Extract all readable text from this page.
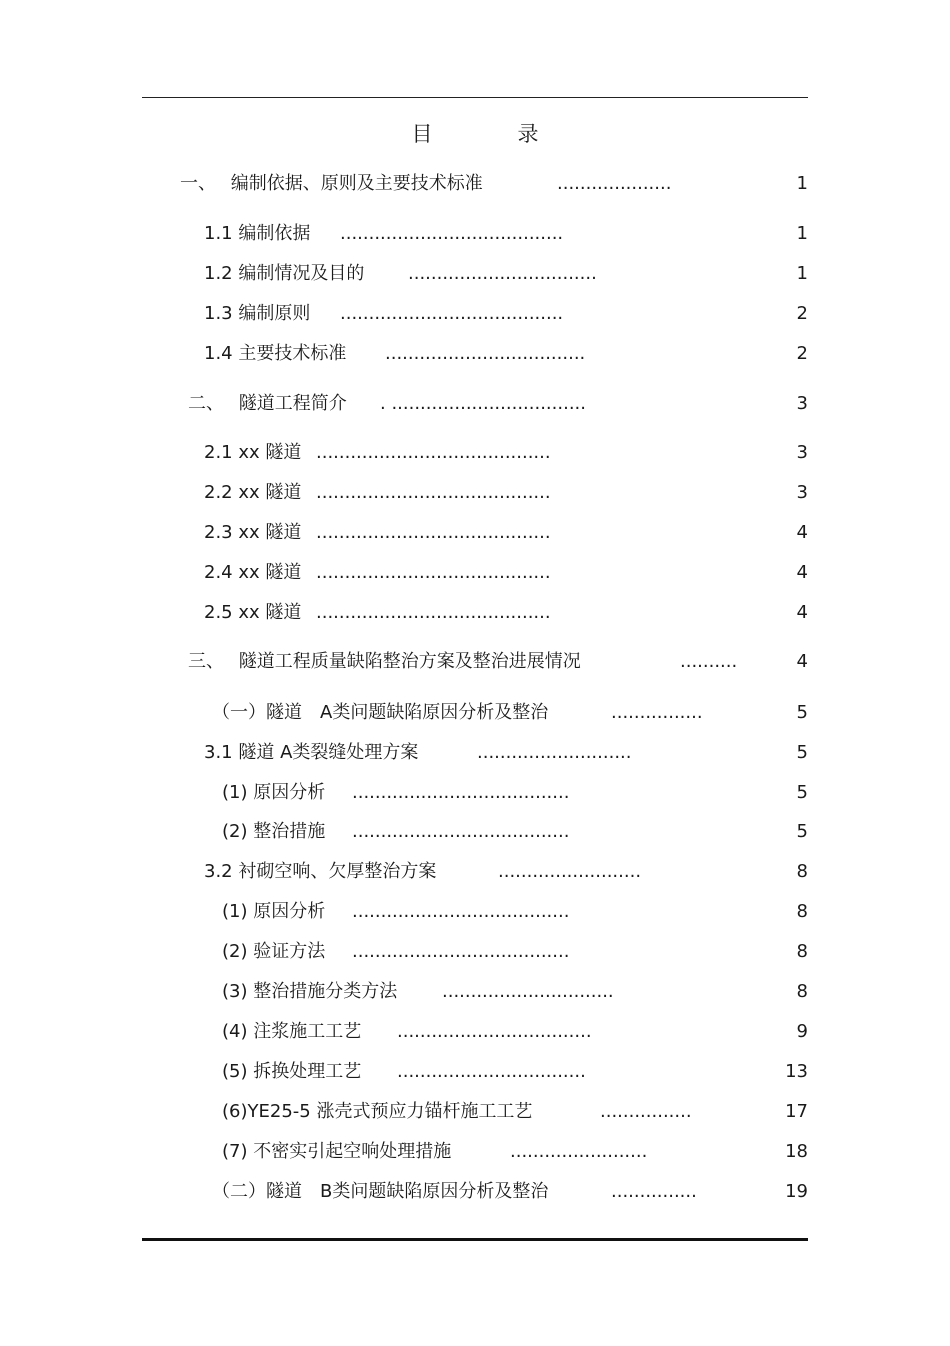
目　录
一、　 编制依据、原则及主要技术标准	....................	1
1.1 编制依据 .......................................	1
1.2 编制情况及目的 .................................	1
1.3 编制原则 .......................................	2
1.4 主要技术标准 ...................................	2
二、　 隧道工程简介 . ..................................	3
2.1 xx 隧道 .........................................	3
2.2 xx 隧道 .........................................	3
2.3 xx 隧道 .........................................	4
2.4 xx 隧道 .........................................	4
2.5 xx 隧道 .........................................	4
三、　 隧道工程质量缺陷整治方案及整治进展情况	..........	4
（一）隧道　A类问题缺陷原因分析及整治	................	5
3.1 隧道 A类裂缝处理方案	...........................	5
(1) 原因分析 ......................................	5
(2) 整治措施 ......................................	5
3.2 衬砌空响、欠厚整治方案	.........................	8
(1) 原因分析 ......................................	8
(2) 验证方法 ......................................	8
(3) 整治措施分类方法 ..............................	8
(4) 注浆施工工艺 ..................................	9
(5) 拆换处理工艺 .................................	13
(6)YE25-5 涨壳式预应力锚杆施工工艺	................	17
(7) 不密实引起空响处理措施	........................	18
（二）隧道　B类问题缺陷原因分析及整治	...............	19
